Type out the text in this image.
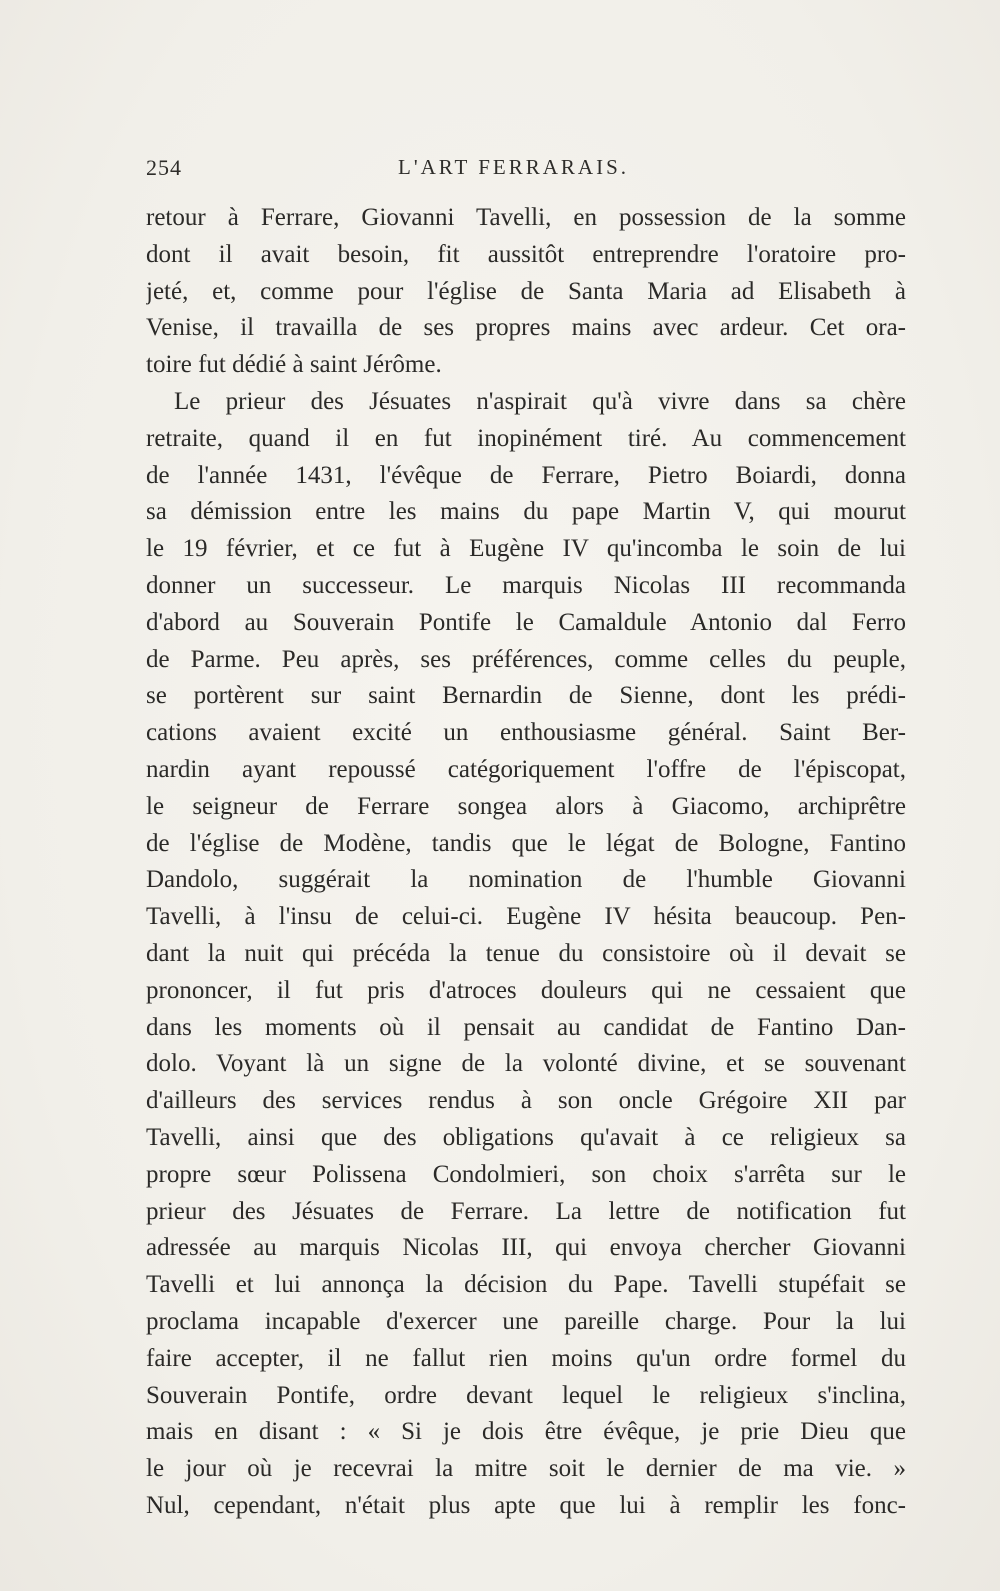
254	L'ART FERRARAIS.
retour à Ferrare, Giovanni Tavelli, en possession de la somme
dont il avait besoin, fit aussitôt entreprendre l'oratoire pro-
jeté, et, comme pour l'église de Santa Maria ad Elisabeth à
Venise, il travailla de ses propres mains avec ardeur. Cet ora-
toire fut dédié à saint Jérôme.
Le prieur des Jésuates n'aspirait qu'à vivre dans sa chère
retraite, quand il en fut inopinément tiré. Au commencement
de l'année 1431, l'évêque de Ferrare, Pietro Boiardi, donna
sa démission entre les mains du pape Martin V, qui mourut
le 19 février, et ce fut à Eugène IV qu'incomba le soin de lui
donner un successeur. Le marquis Nicolas III recommanda
d'abord au Souverain Pontife le Camaldule Antonio dal Ferro
de Parme. Peu après, ses préférences, comme celles du peuple,
se portèrent sur saint Bernardin de Sienne, dont les prédi-
cations avaient excité un enthousiasme général. Saint Ber-
nardin ayant repoussé catégoriquement l'offre de l'épiscopat,
le seigneur de Ferrare songea alors à Giacomo, archiprêtre
de l'église de Modène, tandis que le légat de Bologne, Fantino
Dandolo, suggérait la nomination de l'humble Giovanni
Tavelli, à l'insu de celui-ci. Eugène IV hésita beaucoup. Pen-
dant la nuit qui précéda la tenue du consistoire où il devait se
prononcer, il fut pris d'atroces douleurs qui ne cessaient que
dans les moments où il pensait au candidat de Fantino Dan-
dolo. Voyant là un signe de la volonté divine, et se souvenant
d'ailleurs des services rendus à son oncle Grégoire XII par
Tavelli, ainsi que des obligations qu'avait à ce religieux sa
propre sœur Polissena Condolmieri, son choix s'arrêta sur le
prieur des Jésuates de Ferrare. La lettre de notification fut
adressée au marquis Nicolas III, qui envoya chercher Giovanni
Tavelli et lui annonça la décision du Pape. Tavelli stupéfait se
proclama incapable d'exercer une pareille charge. Pour la lui
faire accepter, il ne fallut rien moins qu'un ordre formel du
Souverain Pontife, ordre devant lequel le religieux s'inclina,
mais en disant : « Si je dois être évêque, je prie Dieu que
le jour où je recevrai la mitre soit le dernier de ma vie. »
Nul, cependant, n'était plus apte que lui à remplir les fonc-
